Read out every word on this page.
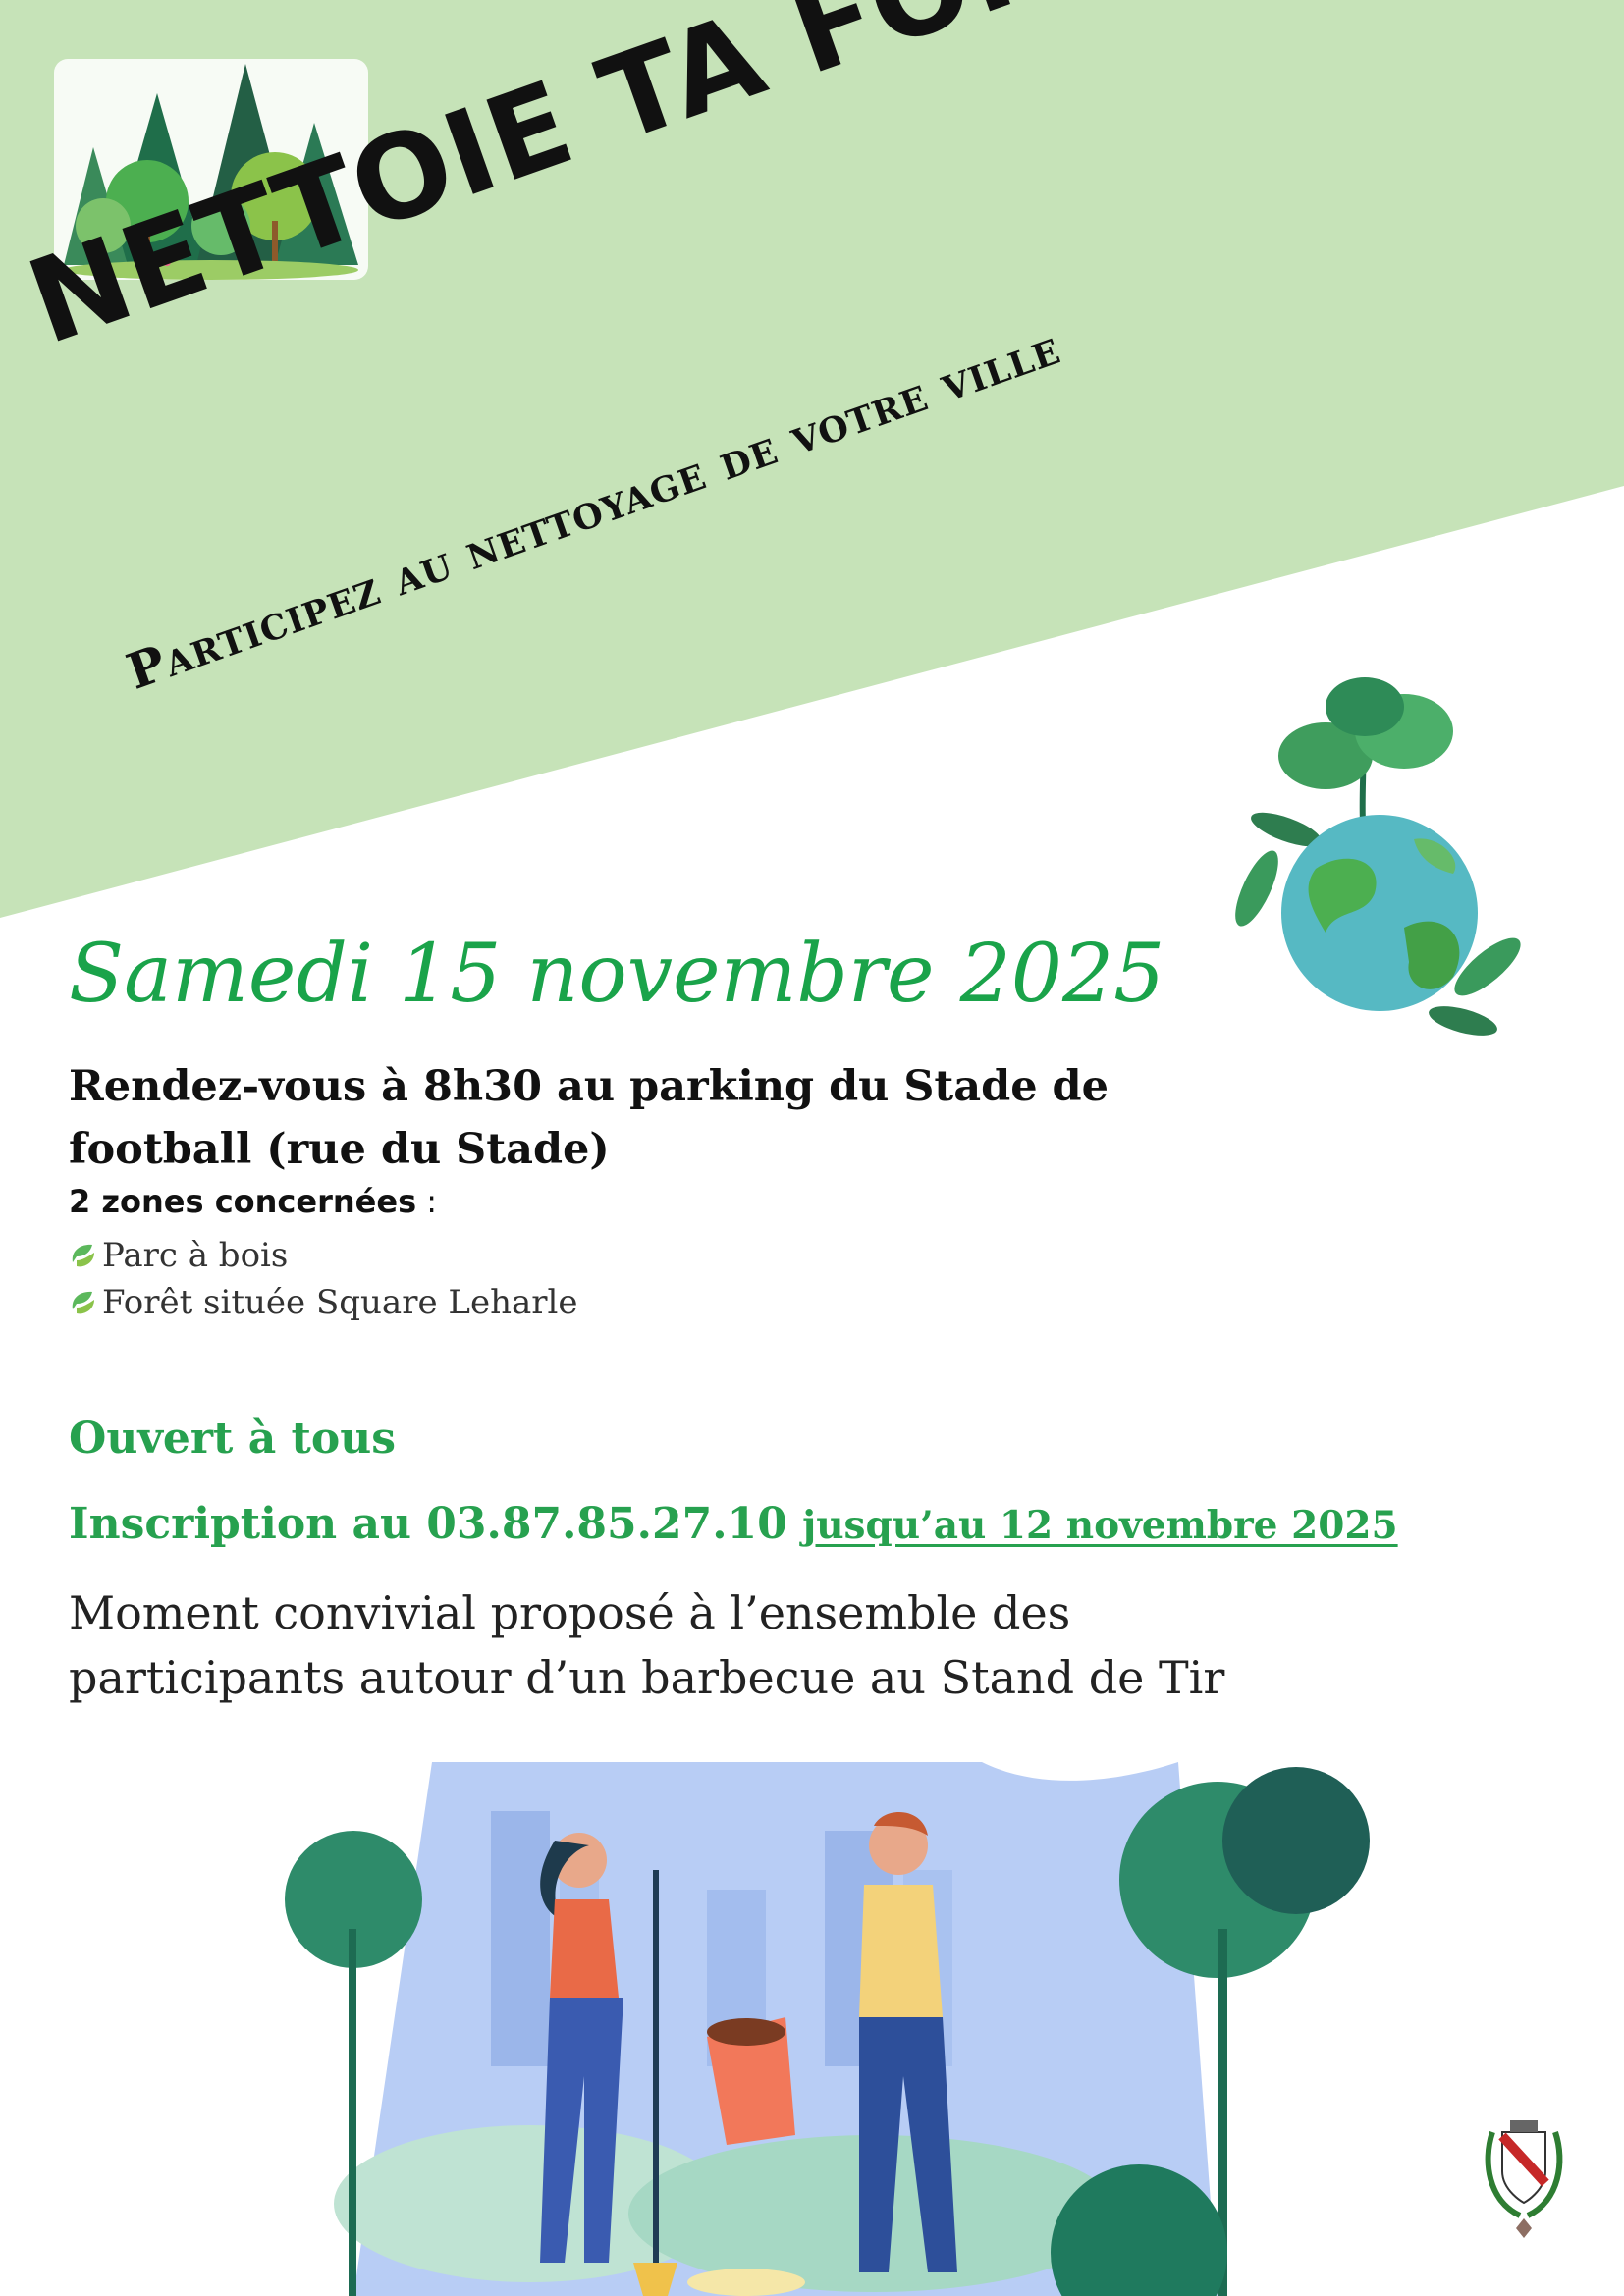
Participez au nettoyage de votre ville

Samedi 15 novembre 2025

Rendez-vous à 8h30 au parking du Stade de football (rue du Stade)

2 zones concernées :

Parc à bois
Forêt située Square Leharle

Ouvert à tous

Inscription au 03.87.85.27.10 jusqu’au 12 novembre 2025

Moment convivial proposé à l’ensemble des participants autour d’un barbecue au Stand de Tir
